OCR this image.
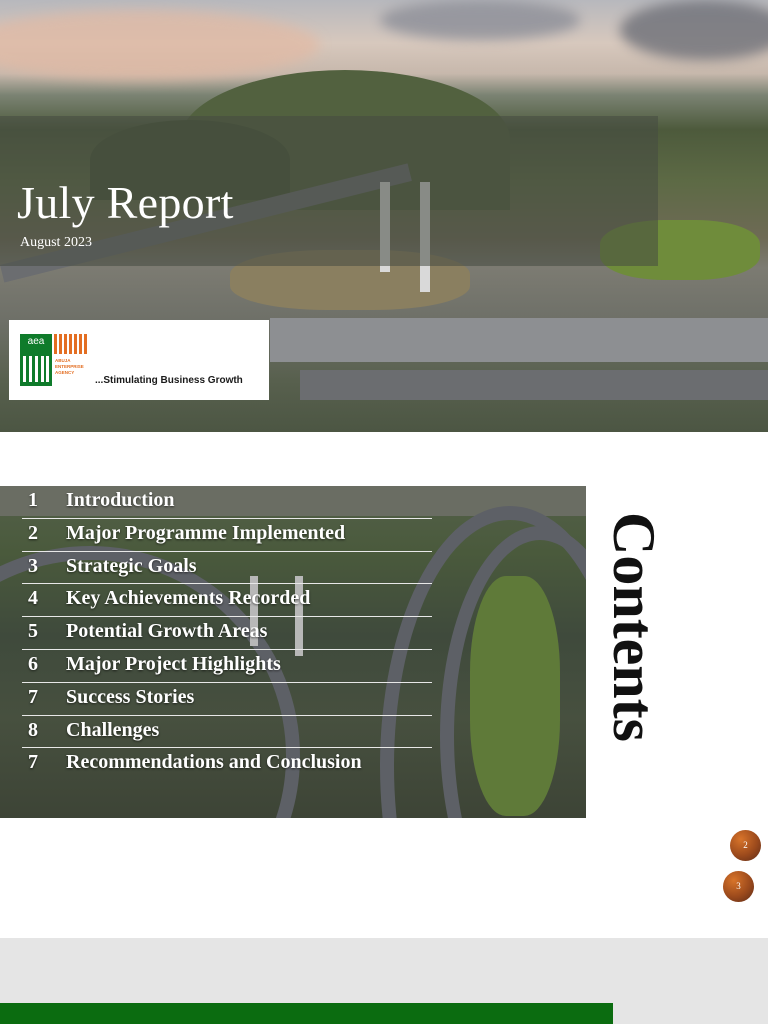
July Report
August 2023
aea
ABUJA ENTERPRISE AGENCY
...Stimulating Business Growth
1 Introduction
2 Major Programme Implemented
3 Strategic Goals
4 Key Achievements Recorded
5 Potential Growth Areas
6 Major Project Highlights
7 Success Stories
8 Challenges
7 Recommendations and Conclusion
Contents
2
3
